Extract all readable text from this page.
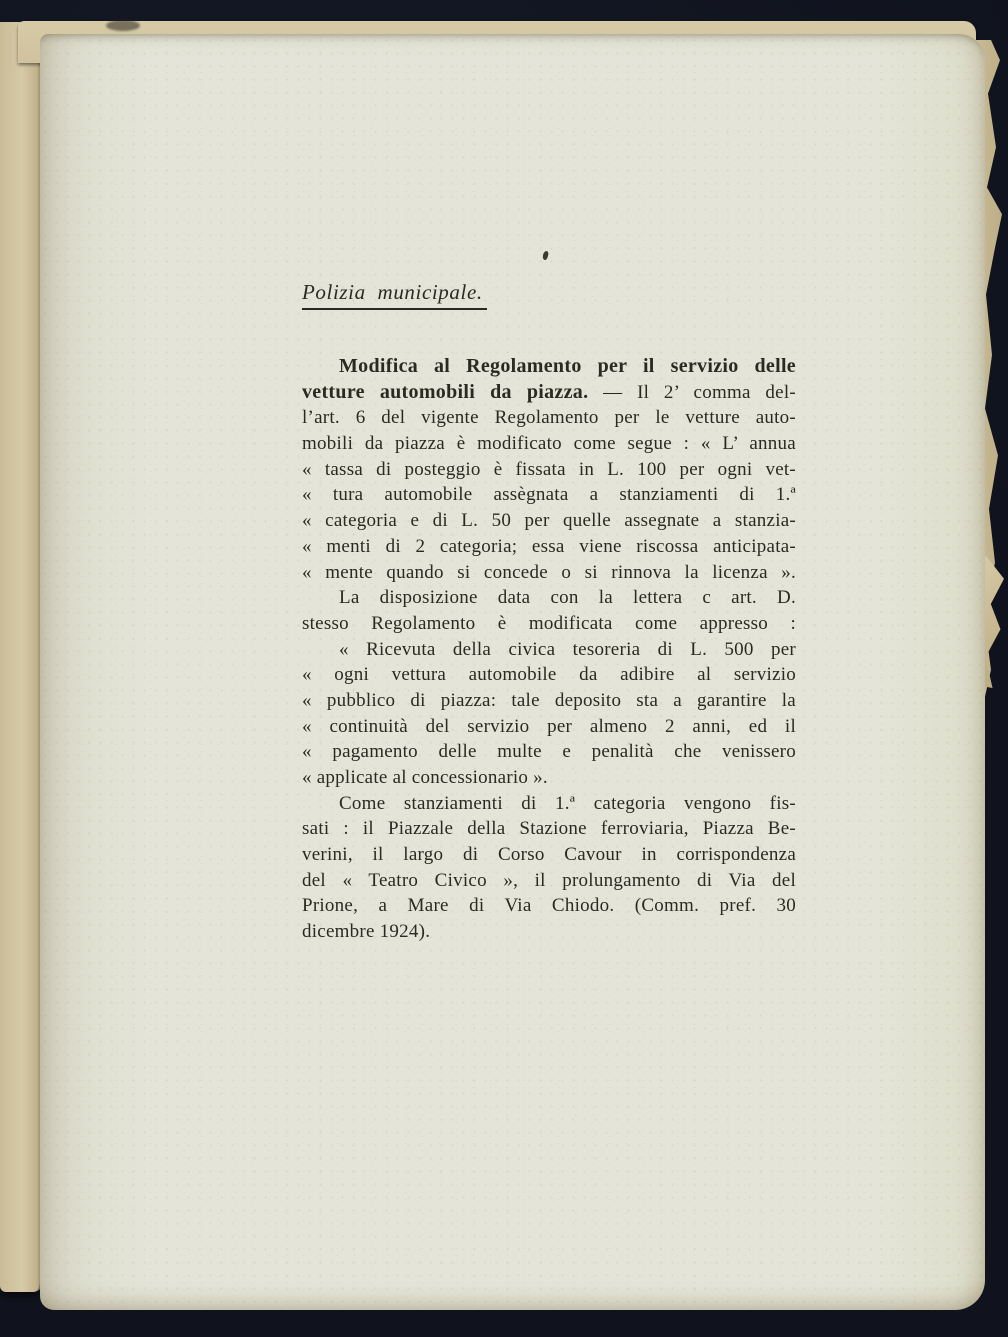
Polizia municipale.
Modifica al Regolamento per il servizio delle
vetture automobili da piazza. — Il 2’ comma del-
l’art. 6 del vigente Regolamento per le vetture auto-
mobili da piazza è modificato come segue : « L’ annua
« tassa di posteggio è fissata in L. 100 per ogni vet-
« tura automobile assègnata a stanziamenti di 1.ª
« categoria e di L. 50 per quelle assegnate a stanzia-
« menti di 2 categoria; essa viene riscossa anticipata-
« mente quando si concede o si rinnova la licenza ».
La disposizione data con la lettera c art. D.
stesso Regolamento è modificata come appresso :
« Ricevuta della civica tesoreria di L. 500 per
« ogni vettura automobile da adibire al servizio
« pubblico di piazza: tale deposito sta a garantire la
« continuità del servizio per almeno 2 anni, ed il
« pagamento delle multe e penalità che venissero
« applicate al concessionario ».
Come stanziamenti di 1.ª categoria vengono fis-
sati : il Piazzale della Stazione ferroviaria, Piazza Be-
verini, il largo di Corso Cavour in corrispondenza
del « Teatro Civico », il prolungamento di Via del
Prione, a Mare di Via Chiodo. (Comm. pref. 30
dicembre 1924).
